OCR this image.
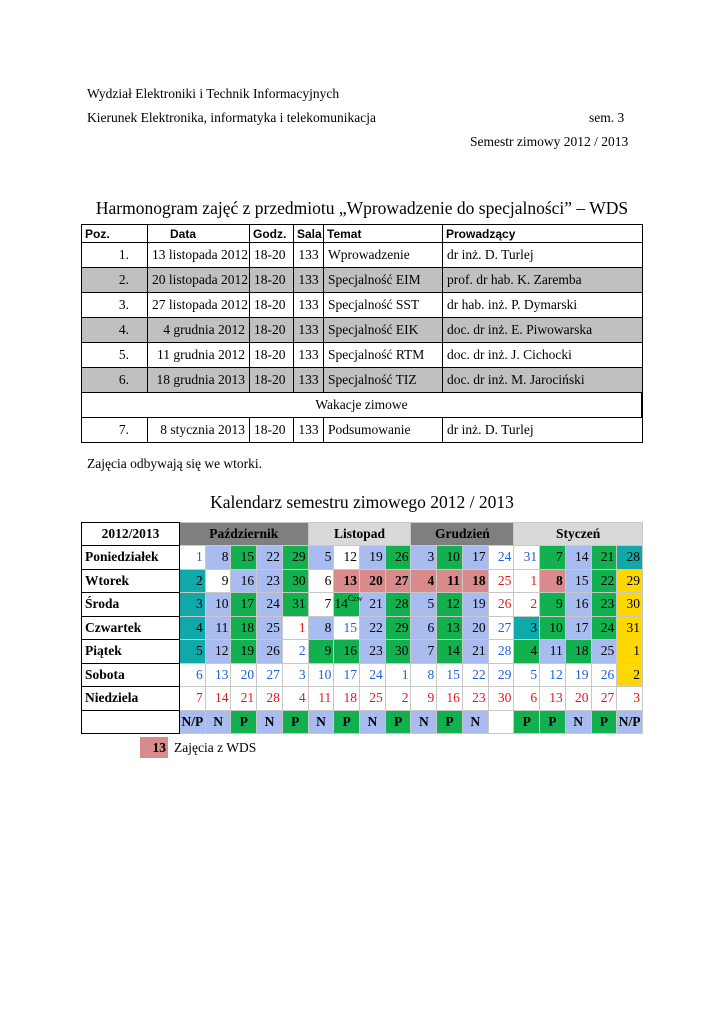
Wydział Elektroniki i Technik Informacyjnych
Kierunek Elektronika, informatyka i telekomunikacja	sem. 3
Semestr zimowy 2012 / 2013
Harmonogram zajęć z przedmiotu „Wprowadzenie do specjalności” – WDS
Poz.	Data	Godz.	Sala	Temat	Prowadzący
1.	13 listopada 2012	18-20	133	Wprowadzenie	dr inż. D. Turlej
2.	20 listopada 2012	18-20	133	Specjalność EIM	prof. dr hab. K. Zaremba
3.	27 listopada 2012	18-20	133	Specjalność SST	dr hab. inż. P. Dymarski
4.	4 grudnia 2012	18-20	133	Specjalność EIK	doc. dr inż. E. Piwowarska
5.	11 grudnia 2012	18-20	133	Specjalność RTM	doc. dr inż. J. Cichocki
6.	18 grudnia 2013	18-20	133	Specjalność TIZ	doc. dr inż. M. Jarociński
Wakacje zimowe					
7.	8 stycznia 2013	18-20	133	Podsumowanie	dr inż. D. Turlej
Zajęcia odbywają się we wtorki.
Kalendarz semestru zimowego 2012 / 2013
2012/2013	Październik					Listopad				Grudzień				Styczeń				
Poniedziałek	1	8	15	22	29	5	12	19	26	3	10	17	24	31	7	14	21	28
Wtorek	2	9	16	23	30	6	13	20	27	4	11	18	25	1	8	15	22	29
Środa	3	10	17	24	31	7	$14^{Czw}$	21	28	5	12	19	26	2	9	16	23	30
Czwartek	4	11	18	25	1	8	15	22	29	6	13	20	27	3	10	17	24	31
Piątek	5	12	19	26	2	9	16	23	30	7	14	21	28	4	11	18	25	1
Sobota	6	13	20	27	3	10	17	24	1	8	15	22	29	5	12	19	26	2
Niedziela	7	14	21	28	4	11	18	25	2	9	16	23	30	6	13	20	27	3
	N/P	N	P	N	P	N	P	N	P	N	P	N		P	P	N	P	N/P
13 Zajęcia z WDS
